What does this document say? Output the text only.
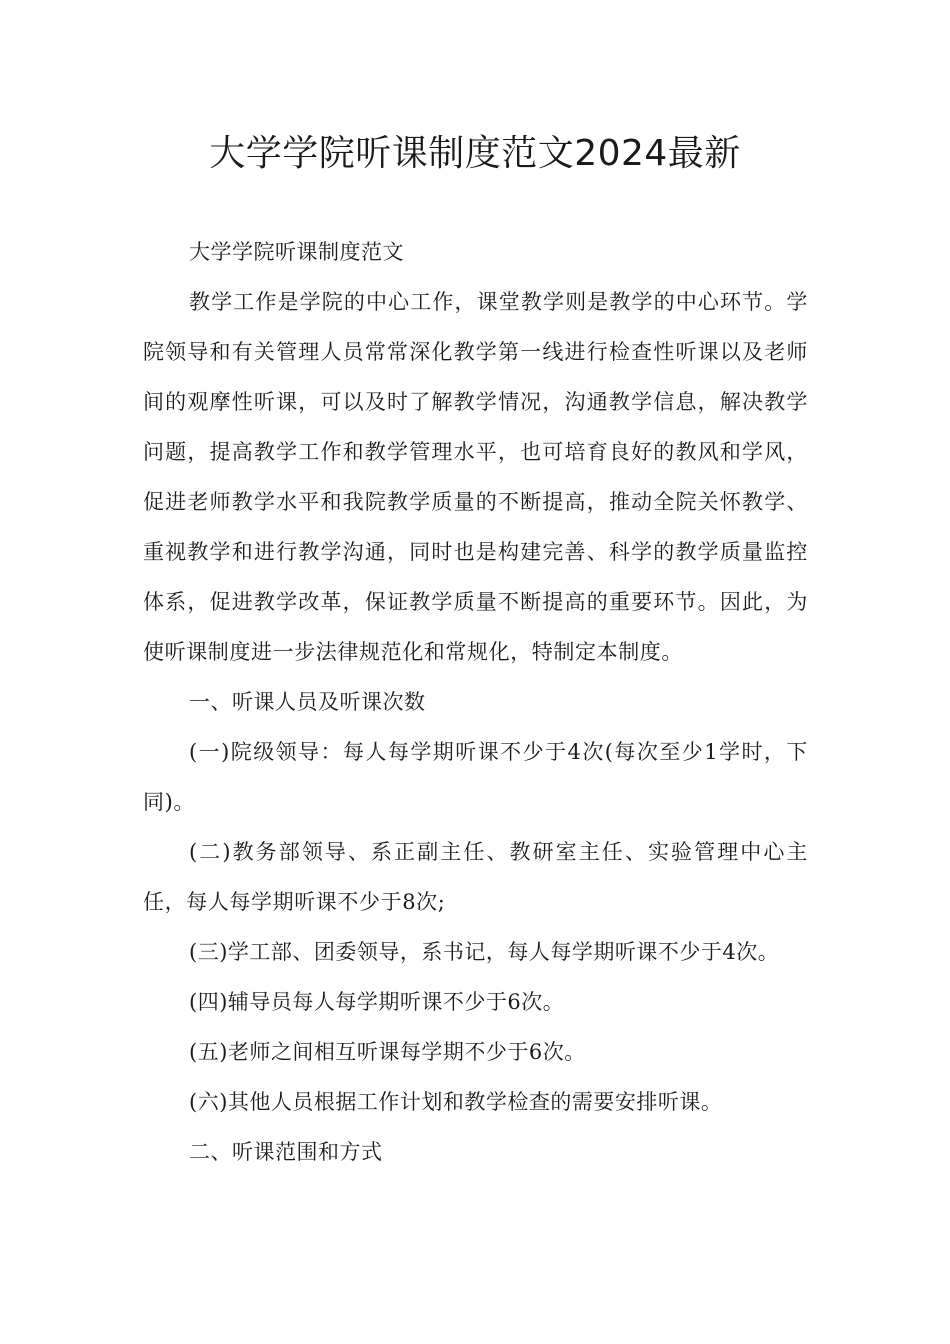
大学学院听课制度范文2024最新

大学学院听课制度范文

教学工作是学院的中心工作，课堂教学则是教学的中心环节。学院领导和有关管理人员常常深化教学第一线进行检查性听课以及老师间的观摩性听课，可以及时了解教学情况，沟通教学信息，解决教学问题，提高教学工作和教学管理水平，也可培育良好的教风和学风，促进老师教学水平和我院教学质量的不断提高，推动全院关怀教学、重视教学和进行教学沟通，同时也是构建完善、科学的教学质量监控体系，促进教学改革，保证教学质量不断提高的重要环节。因此，为使听课制度进一步法律规范化和常规化，特制定本制度。

一、听课人员及听课次数

(一)院级领导：每人每学期听课不少于4次(每次至少1学时，下同)。

(二)教务部领导、系正副主任、教研室主任、实验管理中心主任，每人每学期听课不少于8次;

(三)学工部、团委领导，系书记，每人每学期听课不少于4次。

(四)辅导员每人每学期听课不少于6次。

(五)老师之间相互听课每学期不少于6次。

(六)其他人员根据工作计划和教学检查的需要安排听课。

二、听课范围和方式
